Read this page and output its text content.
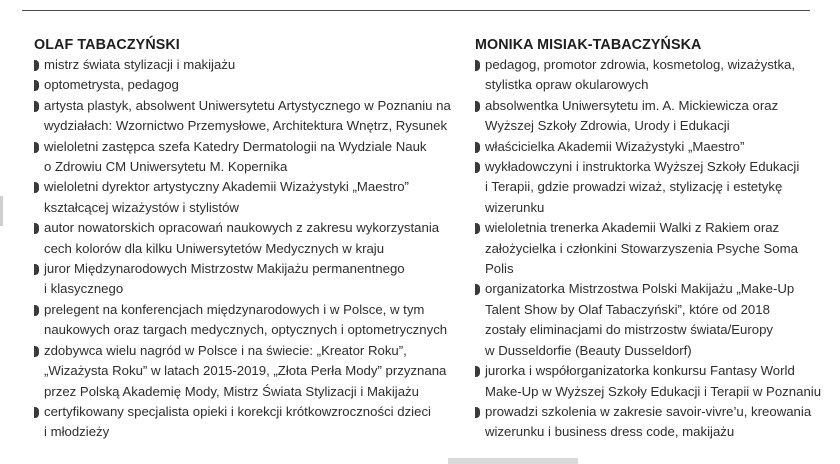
OLAF TABACZYŃSKI
mistrz świata stylizacji i makijażu
optometrysta, pedagog
artysta plastyk, absolwent Uniwersytetu Artystycznego w Poznaniu na
wydziałach: Wzornictwo Przemysłowe, Architektura Wnętrz, Rysunek
wieloletni zastępca szefa Katedry Dermatologii na Wydziale Nauk
o Zdrowiu CM Uniwersytetu M. Kopernika
wieloletni dyrektor artystyczny Akademii Wizażystyki „Maestro”
kształcącej wizażystów i stylistów
autor nowatorskich opracowań naukowych z zakresu wykorzystania
cech kolorów dla kilku Uniwersytetów Medycznych w kraju
juror Międzynarodowych Mistrzostw Makijażu permanentnego
i klasycznego
prelegent na konferencjach międzynarodowych i w Polsce, w tym
naukowych oraz targach medycznych, optycznych i optometrycznych
zdobywca wielu nagród w Polsce i na świecie: „Kreator Roku”,
„Wizażysta Roku” w latach 2015-2019, „Złota Perła Mody” przyznana
przez Polską Akademię Mody, Mistrz Świata Stylizacji i Makijażu
certyfikowany specjalista opieki i korekcji krótkowzroczności dzieci
i młodzieży
MONIKA MISIAK-TABACZYŃSKA
pedagog, promotor zdrowia, kosmetolog, wizażystka,
stylistka opraw okularowych
absolwentka Uniwersytetu im. A. Mickiewicza oraz
Wyższej Szkoły Zdrowia, Urody i Edukacji
właścicielka Akademii Wizażystyki „Maestro”
wykładowczyni i instruktorka Wyższej Szkoły Edukacji
i Terapii, gdzie prowadzi wizaż, stylizację i estetykę
wizerunku
wieloletnia trenerka Akademii Walki z Rakiem oraz
założycielka i członkini Stowarzyszenia Psyche Soma
Polis
organizatorka Mistrzostwa Polski Makijażu „Make-Up
Talent Show by Olaf Tabaczyński”, które od 2018
zostały eliminacjami do mistrzostw świata/Europy
w Dusseldorfie (Beauty Dusseldorf)
jurorka i współorganizatorka konkursu Fantasy World
Make-Up w Wyższej Szkoły Edukacji i Terapii w Poznaniu
prowadzi szkolenia w zakresie savoir-vivre’u, kreowania
wizerunku i business dress code, makijażu
